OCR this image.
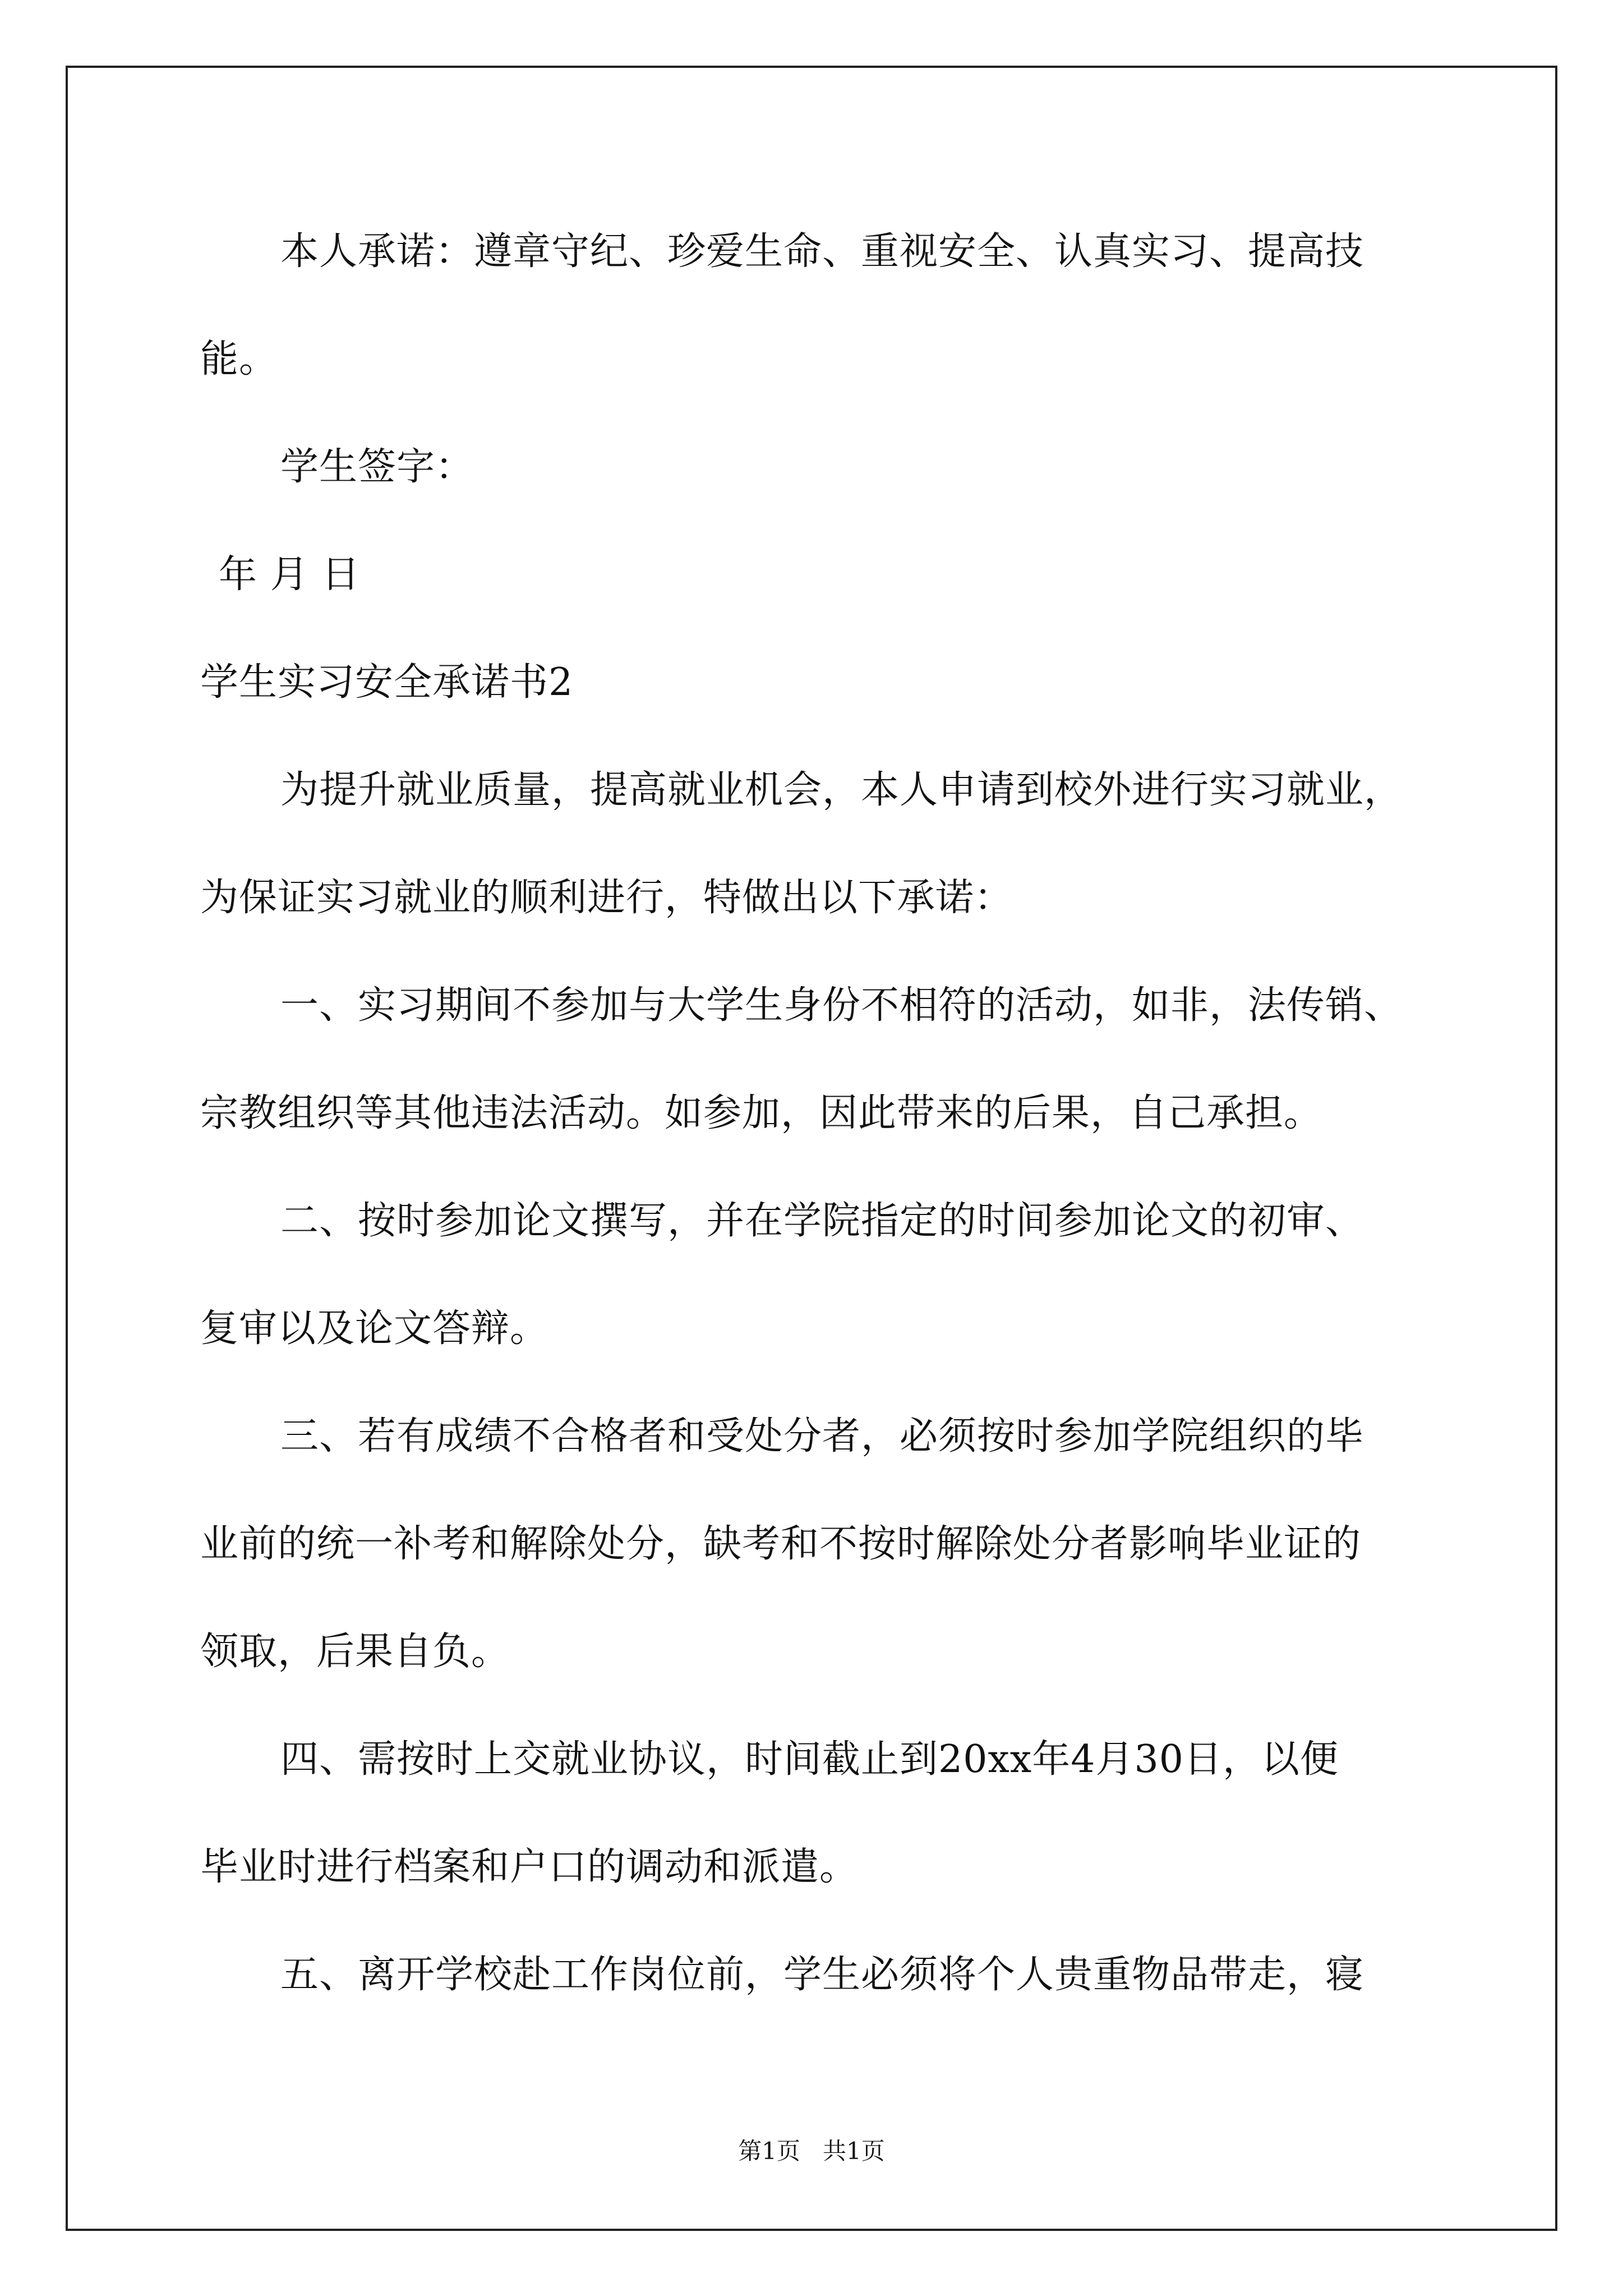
本人承诺：遵章守纪、珍爱生命、重视安全、认真实习、提高技
能。
学生签字：
年 月 日
学生实习安全承诺书2
为提升就业质量，提高就业机会，本人申请到校外进行实习就业，
为保证实习就业的顺利进行，特做出以下承诺：
一、实习期间不参加与大学生身份不相符的活动，如非，法传销、
宗教组织等其他违法活动。如参加，因此带来的后果，自己承担。
二、按时参加论文撰写，并在学院指定的时间参加论文的初审、
复审以及论文答辩。
三、若有成绩不合格者和受处分者，必须按时参加学院组织的毕
业前的统一补考和解除处分，缺考和不按时解除处分者影响毕业证的
领取，后果自负。
四、需按时上交就业协议，时间截止到20xx年4月30日，以便
毕业时进行档案和户口的调动和派遣。
五、离开学校赴工作岗位前，学生必须将个人贵重物品带走，寝
第1页   共1页
